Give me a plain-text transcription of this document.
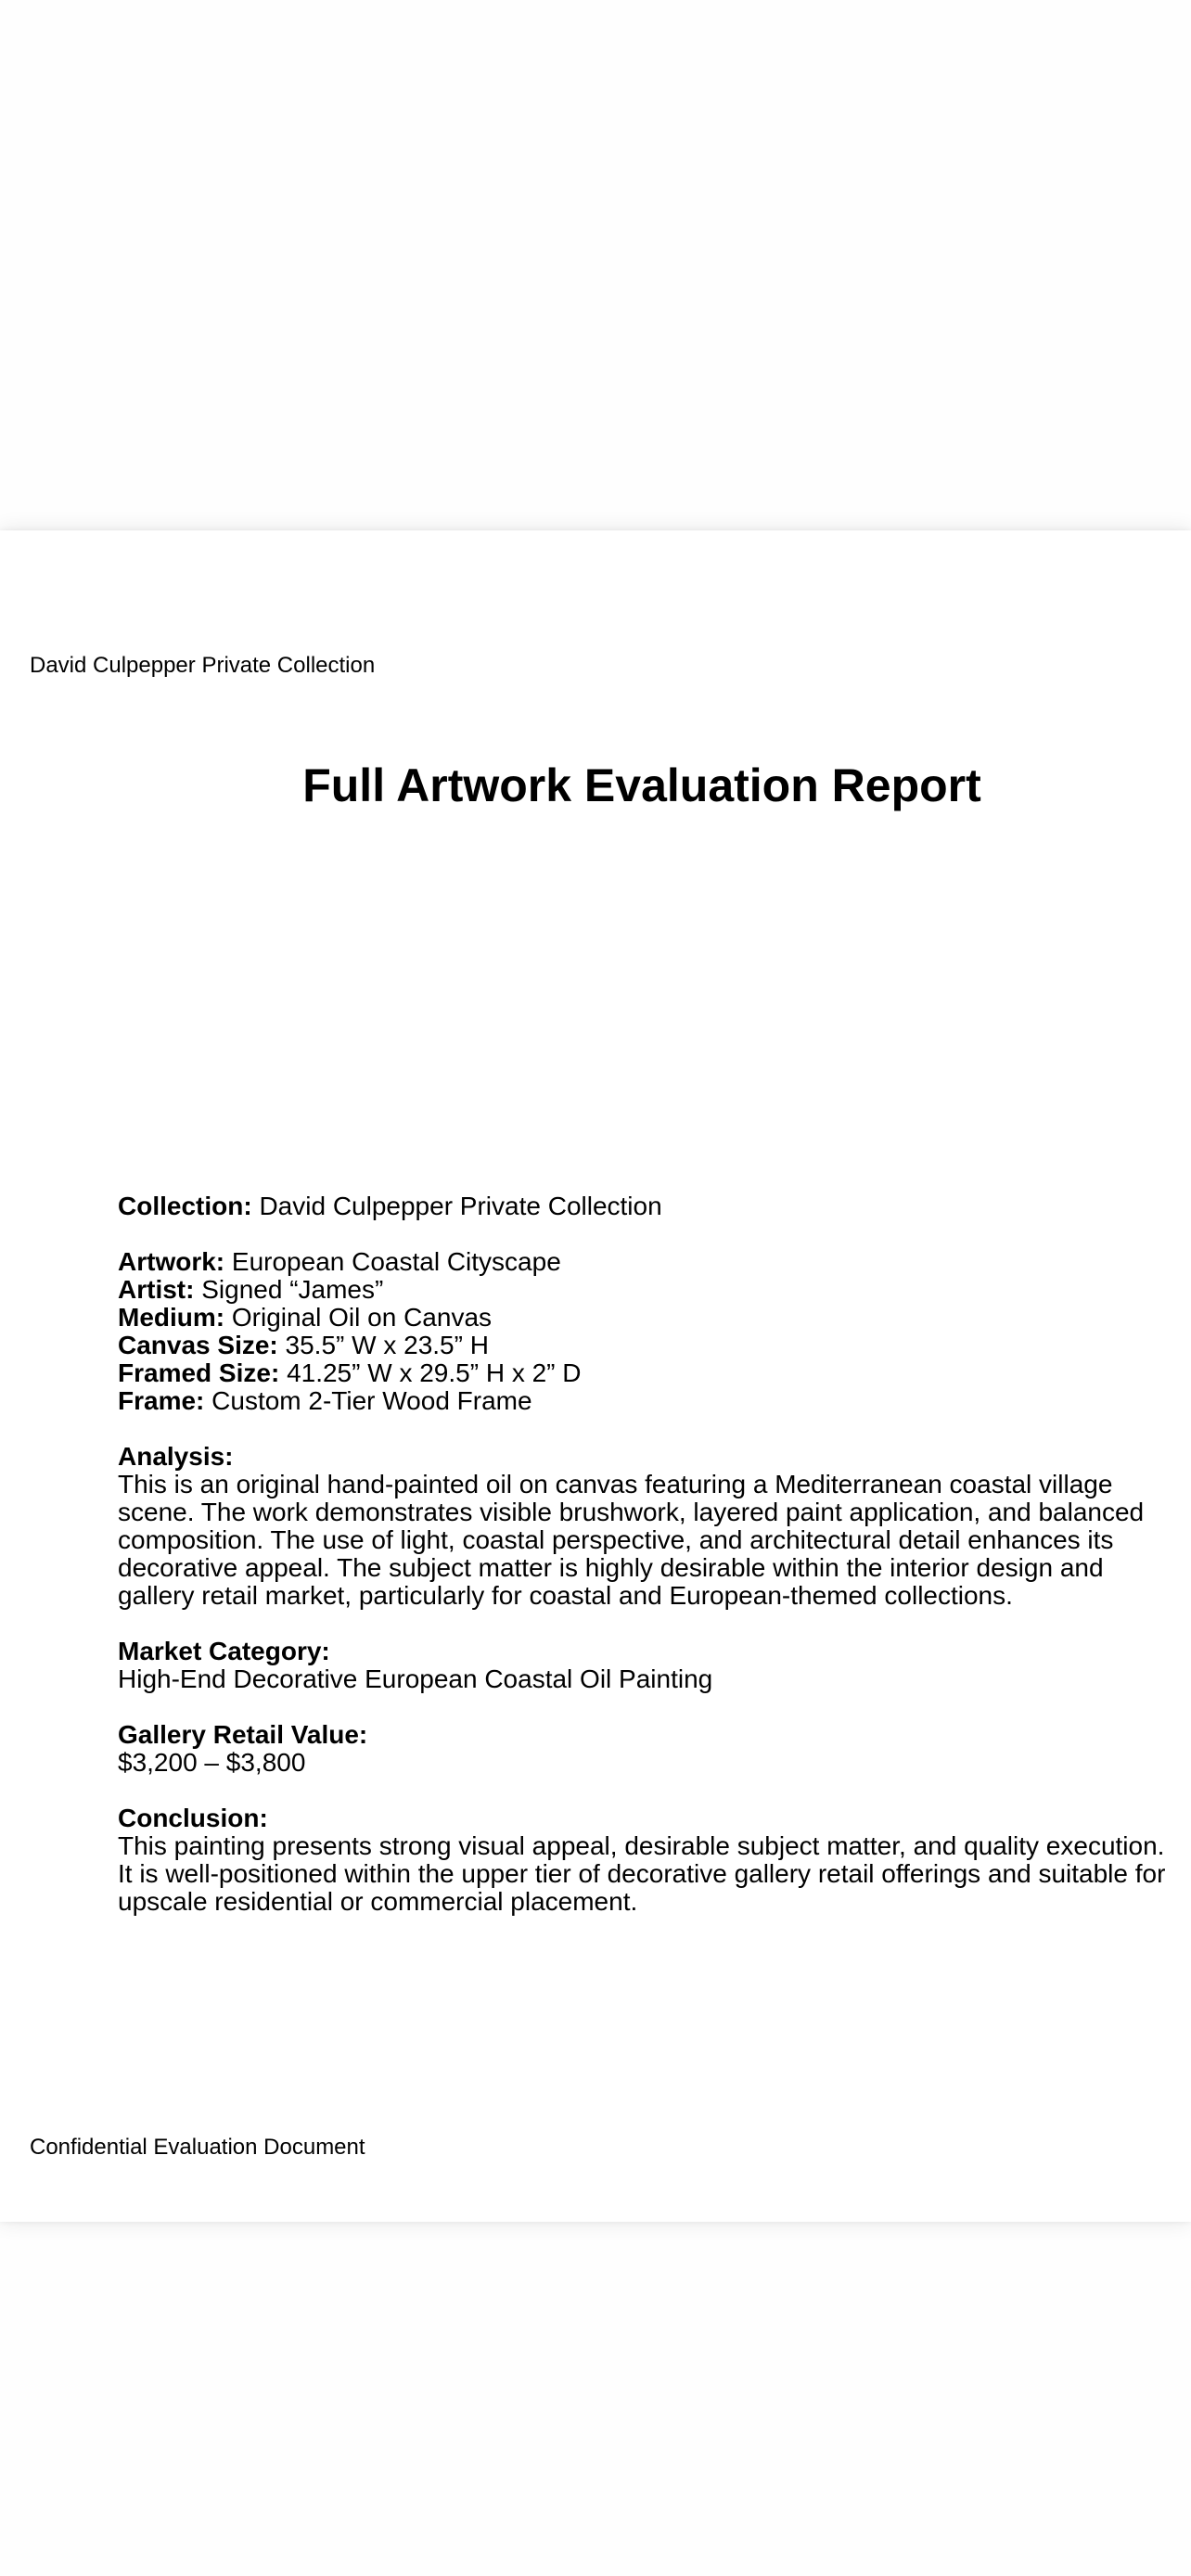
David Culpepper Private Collection
Full Artwork Evaluation Report

Collection: David Culpepper Private Collection

Artwork: European Coastal Cityscape

Artist: Signed “James”

Medium: Original Oil on Canvas

Canvas Size: 35.5” W x 23.5” H

Framed Size: 41.25” W x 29.5” H x 2” D

Frame: Custom 2-Tier Wood Frame

Analysis:

This is an original hand-painted oil on canvas featuring a Mediterranean coastal village scene. The work demonstrates visible brushwork, layered paint application, and balanced composition. The use of light, coastal perspective, and architectural detail enhances its decorative appeal. The subject matter is highly desirable within the interior design and gallery retail market, particularly for coastal and European-themed collections.

Market Category:

High-End Decorative European Coastal Oil Painting

Gallery Retail Value:

$3,200 – $3,800

Conclusion:

This painting presents strong visual appeal, desirable subject matter, and quality execution. It is well-positioned within the upper tier of decorative gallery retail offerings and suitable for upscale residential or commercial placement.

Confidential Evaluation Document
